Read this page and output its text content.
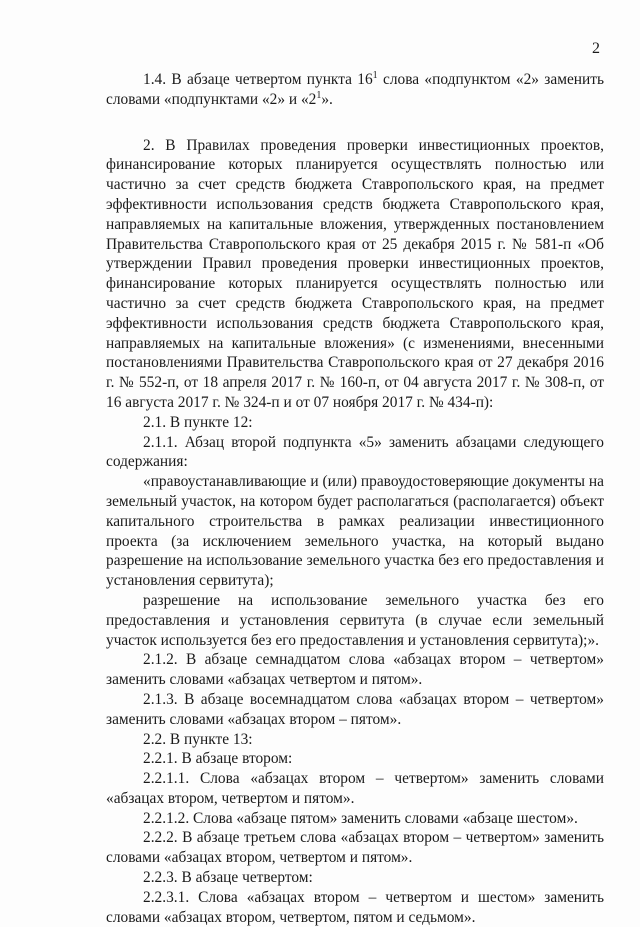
2

1.4. В абзаце четвертом пункта $16^1$ слова «подпунктом «2» заменить словами «подпунктами «2» и «$2^1$».

2. В Правилах проведения проверки инвестиционных проектов, финансирование которых планируется осуществлять полностью или частично за счет средств бюджета Ставропольского края, на предмет эффективности использования средств бюджета Ставропольского края, направляемых на капитальные вложения, утвержденных постановлением Правительства Ставропольского края от 25 декабря 2015 г. № 581-п «Об утверждении Правил проведения проверки инвестиционных проектов, финансирование которых планируется осуществлять полностью или частично за счет средств бюджета Ставропольского края, на предмет эффективности использования средств бюджета Ставропольского края, направляемых на капитальные вложения» (с изменениями, внесенными постановлениями Правительства Ставропольского края от 27 декабря 2016 г. № 552-п, от 18 апреля 2017 г. № 160-п, от 04 августа 2017 г. № 308-п, от 16 августа 2017 г. № 324-п и от 07 ноября 2017 г. № 434-п):

2.1. В пункте 12:

2.1.1. Абзац второй подпункта «5» заменить абзацами следующего содержания:

«правоустанавливающие и (или) правоудостоверяющие документы на земельный участок, на котором будет располагаться (располагается) объект капитального строительства в рамках реализации инвестиционного проекта (за исключением земельного участка, на который выдано разрешение на использование земельного участка без его предоставления и установления сервитута);

разрешение на использование земельного участка без его предоставления и установления сервитута (в случае если земельный участок используется без его предоставления и установления сервитута);».

2.1.2. В абзаце семнадцатом слова «абзацах втором – четвертом» заменить словами «абзацах четвертом и пятом».

2.1.3. В абзаце восемнадцатом слова «абзацах втором – четвертом» заменить словами «абзацах втором – пятом».

2.2. В пункте 13:

2.2.1. В абзаце втором:

2.2.1.1. Слова «абзацах втором – четвертом» заменить словами «абзацах втором, четвертом и пятом».

2.2.1.2. Слова «абзаце пятом» заменить словами «абзаце шестом».

2.2.2. В абзаце третьем слова «абзацах втором – четвертом» заменить словами «абзацах втором, четвертом и пятом».

2.2.3. В абзаце четвертом:

2.2.3.1. Слова «абзацах втором – четвертом и шестом» заменить словами «абзацах втором, четвертом, пятом и седьмом».
